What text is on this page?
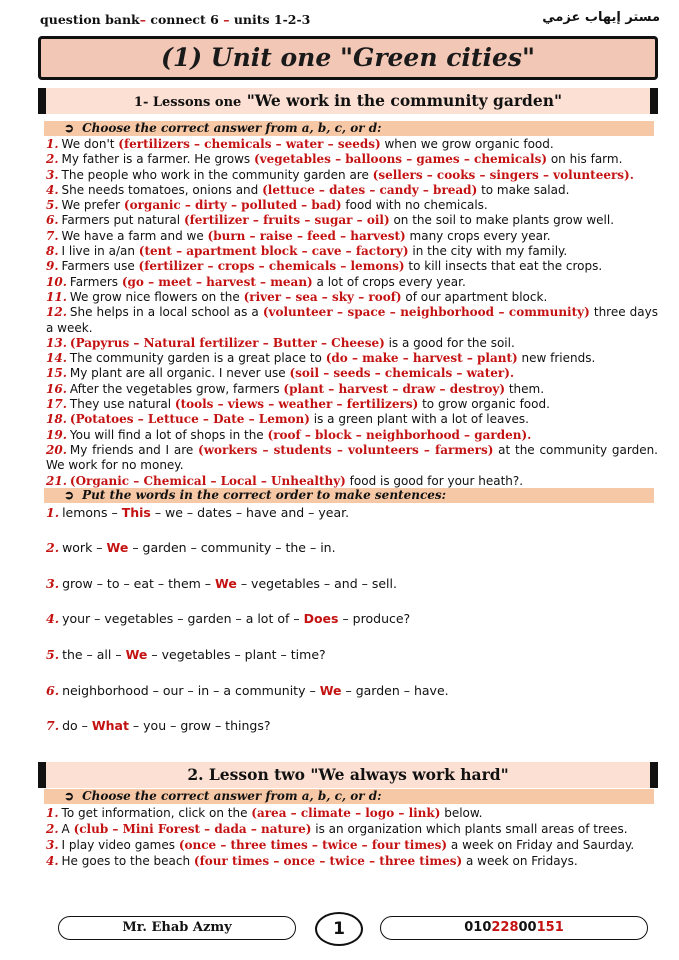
question bank– connect 6 – units 1-2-3	مستر إيهاب عزمي
(1) Unit one "Green cities"
1- Lessons one "We work in the community garden"
➲ Choose the correct answer from a, b, c, or d:
1. We don't (fertilizers – chemicals – water – seeds) when we grow organic food.
2. My father is a farmer. He grows (vegetables – balloons – games – chemicals) on his farm.
3. The people who work in the community garden are (sellers – cooks – singers – volunteers).
4. She needs tomatoes, onions and (lettuce – dates – candy – bread) to make salad.
5. We prefer (organic – dirty – polluted – bad) food with no chemicals.
6. Farmers put natural (fertilizer – fruits – sugar – oil) on the soil to make plants grow well.
7. We have a farm and we (burn – raise – feed – harvest) many crops every year.
8. I live in a/an (tent – apartment block – cave – factory) in the city with my family.
9. Farmers use (fertilizer – crops – chemicals – lemons) to kill insects that eat the crops.
10. Farmers (go – meet – harvest – mean) a lot of crops every year.
11. We grow nice flowers on the (river – sea – sky – roof) of our apartment block.
12. She helps in a local school as a (volunteer – space – neighborhood – community) three days a week.
13. (Papyrus – Natural fertilizer – Butter – Cheese) is a good for the soil.
14. The community garden is a great place to (do – make – harvest – plant) new friends.
15. My plant are all organic. I never use (soil – seeds – chemicals – water).
16. After the vegetables grow, farmers (plant – harvest – draw – destroy) them.
17. They use natural (tools – views – weather – fertilizers) to grow organic food.
18. (Potatoes – Lettuce – Date – Lemon) is a green plant with a lot of leaves.
19. You will find a lot of shops in the (roof – block – neighborhood – garden).
20. My friends and I are (workers – students – volunteers – farmers) at the community garden. We work for no money.
21. (Organic – Chemical – Local – Unhealthy) food is good for your heath?.
➲ Put the words in the correct order to make sentences:
1. lemons – This – we – dates – have and – year.
2. work – We – garden – community – the – in.
3. grow – to – eat – them – We – vegetables – and – sell.
4. your – vegetables – garden – a lot of – Does – produce?
5. the – all – We – vegetables – plant – time?
6. neighborhood – our – in – a community – We – garden – have.
7. do – What – you – grow – things?
2. Lesson two "We always work hard"
➲ Choose the correct answer from a, b, c, or d:
1. To get information, click on the (area – climate – logo – link) below.
2. A (club – Mini Forest – dada – nature) is an organization which plants small areas of trees.
3. I play video games (once – three times – twice – four times) a week on Friday and Saurday.
4. He goes to the beach (four times – once – twice – three times) a week on Fridays.
Mr. Ehab Azmy	1	01022800151
